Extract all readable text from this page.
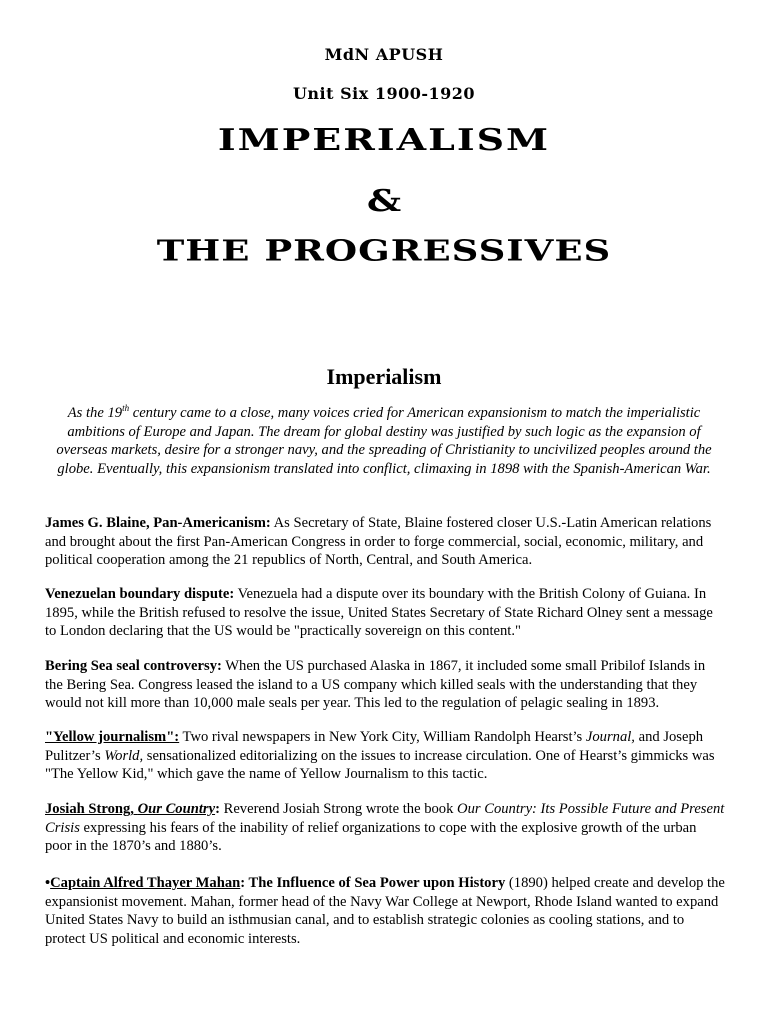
MdN APUSH
Unit Six 1900-1920
IMPERIALISM
&
THE PROGRESSIVES
Imperialism
As the 19th century came to a close, many voices cried for American expansionism to match the imperialistic ambitions of Europe and Japan. The dream for global destiny was justified by such logic as the expansion of overseas markets, desire for a stronger navy, and the spreading of Christianity to uncivilized peoples around the globe. Eventually, this expansionism translated into conflict, climaxing in 1898 with the Spanish-American War.
James G. Blaine, Pan-Americanism: As Secretary of State, Blaine fostered closer U.S.-Latin American relations and brought about the first Pan-American Congress in order to forge commercial, social, economic, military, and political cooperation among the 21 republics of North, Central, and South America.
Venezuelan boundary dispute: Venezuela had a dispute over its boundary with the British Colony of Guiana. In 1895, while the British refused to resolve the issue, United States Secretary of State Richard Olney sent a message to London declaring that the US would be "practically sovereign on this content."
Bering Sea seal controversy: When the US purchased Alaska in 1867, it included some small Pribilof Islands in the Bering Sea. Congress leased the island to a US company which killed seals with the understanding that they would not kill more than 10,000 male seals per year. This led to the regulation of pelagic sealing in 1893.
"Yellow journalism": Two rival newspapers in New York City, William Randolph Hearst’s Journal, and Joseph Pulitzer’s World, sensationalized editorializing on the issues to increase circulation. One of Hearst’s gimmicks was "The Yellow Kid," which gave the name of Yellow Journalism to this tactic.
Josiah Strong, Our Country: Reverend Josiah Strong wrote the book Our Country: Its Possible Future and Present Crisis expressing his fears of the inability of relief organizations to cope with the explosive growth of the urban poor in the 1870’s and 1880’s.
•Captain Alfred Thayer Mahan: The Influence of Sea Power upon History (1890) helped create and develop the expansionist movement. Mahan, former head of the Navy War College at Newport, Rhode Island wanted to expand United States Navy to build an isthmusian canal, and to establish strategic colonies as cooling stations, and to protect US political and economic interests.
